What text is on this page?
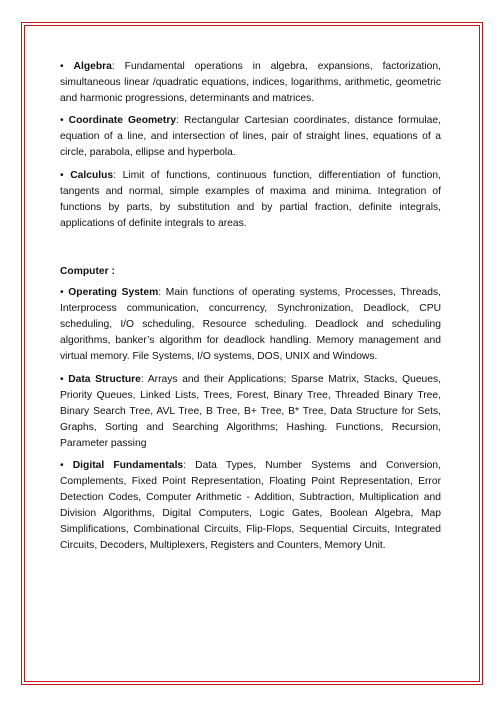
• Algebra: Fundamental operations in algebra, expansions, factorization, simultaneous linear /quadratic equations, indices, logarithms, arithmetic, geometric and harmonic progressions, determinants and matrices.

• Coordinate Geometry: Rectangular Cartesian coordinates, distance formulae, equation of a line, and intersection of lines, pair of straight lines, equations of a circle, parabola, ellipse and hyperbola.

• Calculus: Limit of functions, continuous function, differentiation of function, tangents and normal, simple examples of maxima and minima. Integration of functions by parts, by substitution and by partial fraction, definite integrals, applications of definite integrals to areas.

Computer :

• Operating System: Main functions of operating systems, Processes, Threads, Interprocess communication, concurrency, Synchronization, Deadlock, CPU scheduling, I/O scheduling, Resource scheduling. Deadlock and scheduling algorithms, banker’s algorithm for deadlock handling. Memory management and virtual memory. File Systems, I/O systems, DOS, UNIX and Windows.

• Data Structure: Arrays and their Applications; Sparse Matrix, Stacks, Queues, Priority Queues, Linked Lists, Trees, Forest, Binary Tree, Threaded Binary Tree, Binary Search Tree, AVL Tree, B Tree, B+ Tree, B* Tree, Data Structure for Sets, Graphs, Sorting and Searching Algorithms; Hashing. Functions, Recursion, Parameter passing

• Digital Fundamentals: Data Types, Number Systems and Conversion, Complements, Fixed Point Representation, Floating Point Representation, Error Detection Codes, Computer Arithmetic - Addition, Subtraction, Multiplication and Division Algorithms, Digital Computers, Logic Gates, Boolean Algebra, Map Simplifications, Combinational Circuits, Flip-Flops, Sequential Circuits, Integrated Circuits, Decoders, Multiplexers, Registers and Counters, Memory Unit.
